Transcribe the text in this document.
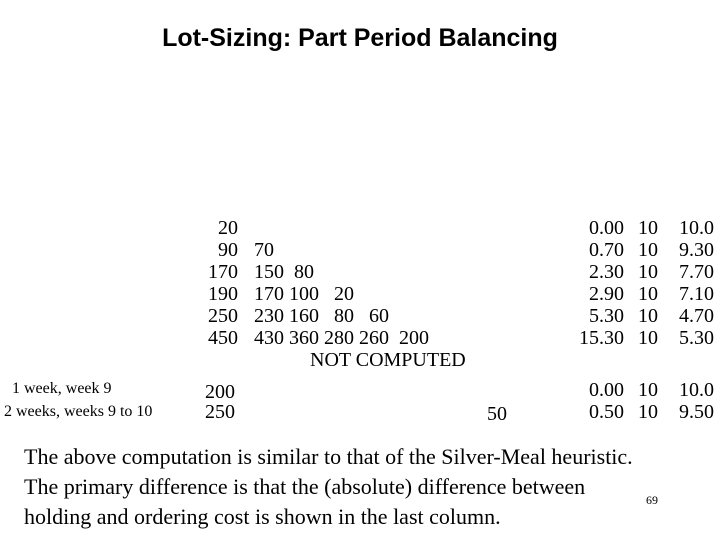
Lot-Sizing: Part Period Balancing
20
90
170
190
250
450
70
150  80
170 100   20
230 160   80   60
430 360 280 260  200
NOT COMPUTED
0.00
0.70
2.30
2.90
5.30
15.30
10
10
10
10
10
10
10.0
9.30
7.70
7.10
4.70
5.30
1 week, week 9
2 weeks, weeks 9 to 10
200
250	50
0.00
0.50
10
10
10.0
9.50
The above computation is similar to that of the Silver-Meal heuristic.
The primary difference is that the (absolute) difference between
holding and ordering cost is shown in the last column.
69
